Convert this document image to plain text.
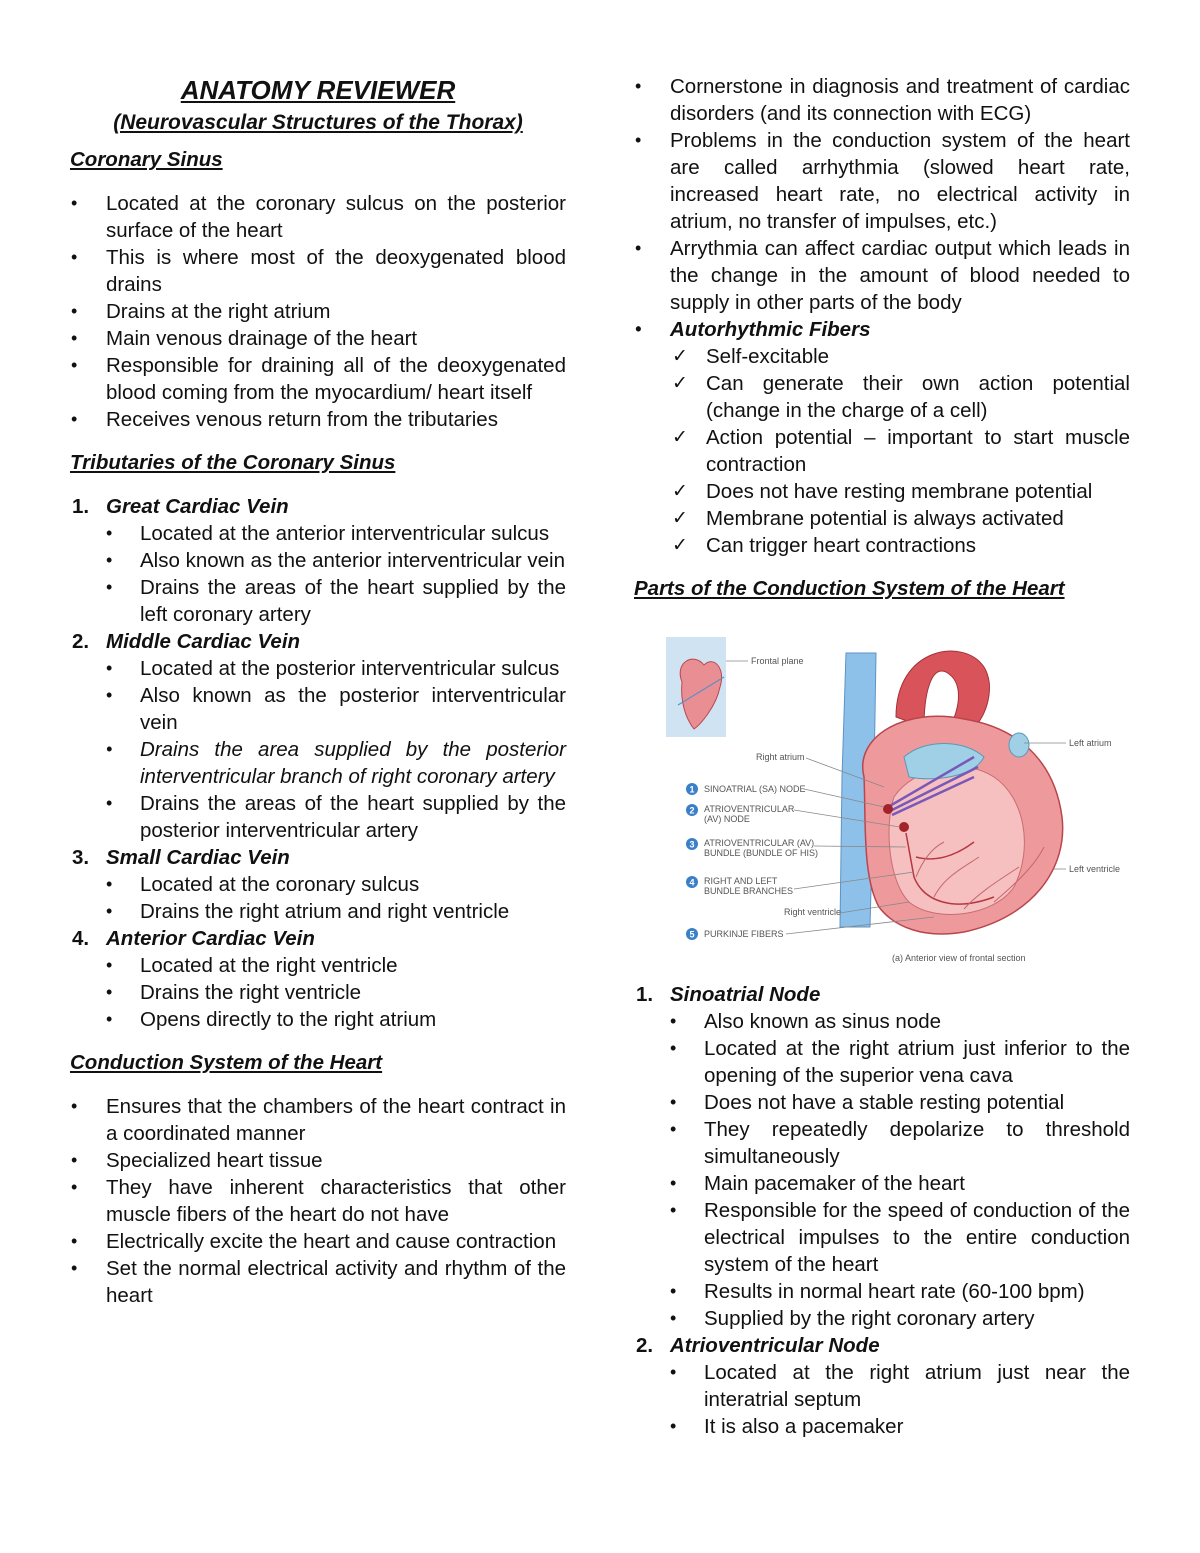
ANATOMY REVIEWER

(Neurovascular Structures of the Thorax)

Coronary Sinus

• Located at the coronary sulcus on the posterior surface of the heart
• This is where most of the deoxygenated blood drains
• Drains at the right atrium
• Main venous drainage of the heart
• Responsible for draining all of the deoxygenated blood coming from the myocardium/ heart itself
• Receives venous return from the tributaries

Tributaries of the Coronary Sinus

1. Great Cardiac Vein

• Located at the anterior interventricular sulcus
• Also known as the anterior interventricular vein
• Drains the areas of the heart supplied by the left coronary artery

2. Middle Cardiac Vein

• Located at the posterior interventricular sulcus
• Also known as the posterior interventricular vein
• Drains the area supplied by the posterior interventricular branch of right coronary artery
• Drains the areas of the heart supplied by the posterior interventricular artery

3. Small Cardiac Vein

• Located at the coronary sulcus
• Drains the right atrium and right ventricle

4. Anterior Cardiac Vein

• Located at the right ventricle
• Drains the right ventricle
• Opens directly to the right atrium

Conduction System of the Heart

• Ensures that the chambers of the heart contract in a coordinated manner
• Specialized heart tissue
• They have inherent characteristics that other muscle fibers of the heart do not have
• Electrically excite the heart and cause contraction
• Set the normal electrical activity and rhythm of the heart
• Cornerstone in diagnosis and treatment of cardiac disorders (and its connection with ECG)
• Problems in the conduction system of the heart are called arrhythmia (slowed heart rate, increased heart rate, no electrical activity in atrium, no transfer of impulses, etc.)
• Arrythmia can affect cardiac output which leads in the change in the amount of blood needed to supply in other parts of the body
• Autorhythmic Fibers
✓ Self-excitable
✓ Can generate their own action potential (change in the charge of a cell)
✓ Action potential – important to start muscle contraction
✓ Does not have resting membrane potential
✓ Membrane potential is always activated
✓ Can trigger heart contractions

Parts of the Conduction System of the Heart

Frontal plane
Right atrium
Left atrium
Left ventricle
Right ventricle
1 SINOATRIAL (SA) NODE
2 ATRIOVENTRICULAR
(AV) NODE
3 ATRIOVENTRICULAR (AV)
BUNDLE (BUNDLE OF HIS)
4 RIGHT AND LEFT
BUNDLE BRANCHES
5 PURKINJE FIBERS
(a) Anterior view of frontal section

1. Sinoatrial Node

• Also known as sinus node
• Located at the right atrium just inferior to the opening of the superior vena cava
• Does not have a stable resting potential
• They repeatedly depolarize to threshold simultaneously
• Main pacemaker of the heart
• Responsible for the speed of conduction of the electrical impulses to the entire conduction system of the heart
• Results in normal heart rate (60-100 bpm)
• Supplied by the right coronary artery

2. Atrioventricular Node

• Located at the right atrium just near the interatrial septum
• It is also a pacemaker
